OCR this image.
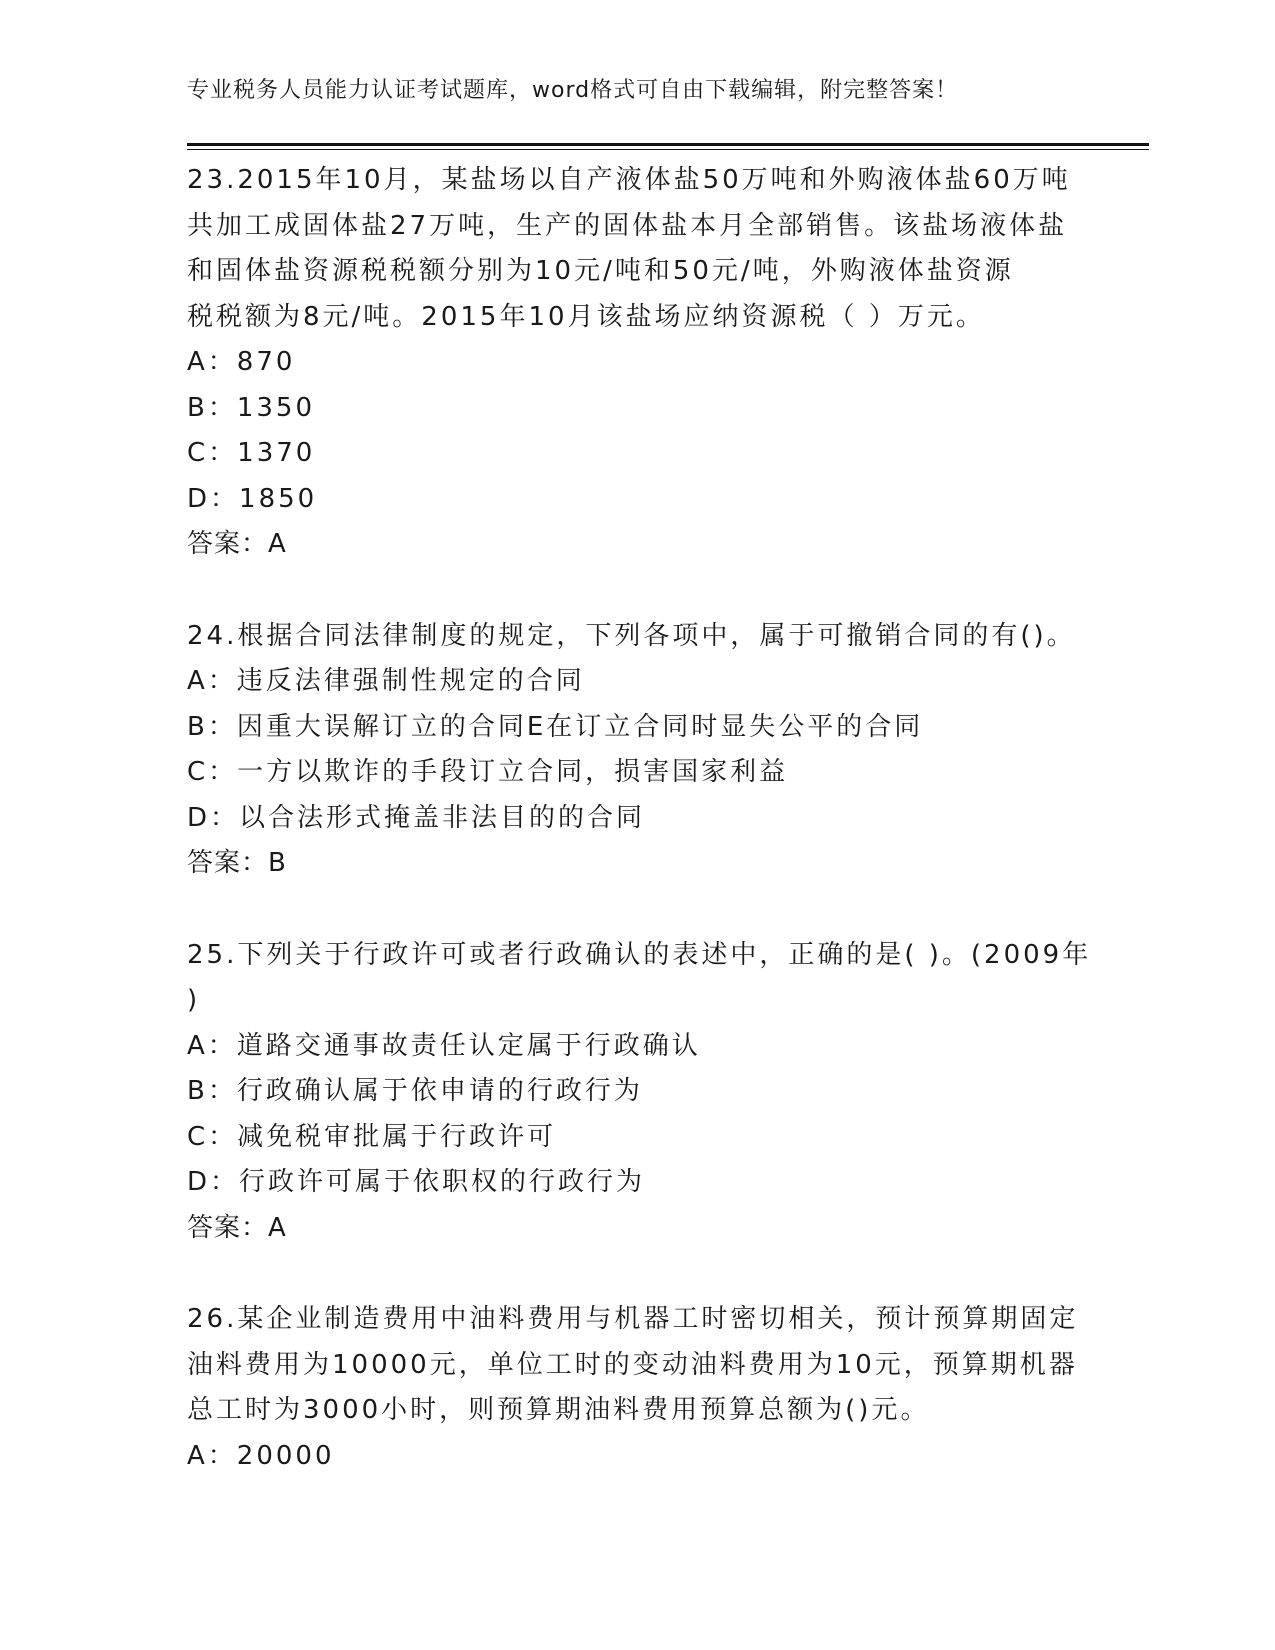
专业税务人员能力认证考试题库，word格式可自由下载编辑，附完整答案！

23.2015年10月，某盐场以自产液体盐50万吨和外购液体盐60万吨

共加工成固体盐27万吨，生产的固体盐本月全部销售。该盐场液体盐

和固体盐资源税税额分别为10元/吨和50元/吨，外购液体盐资源

税税额为8元/吨。2015年10月该盐场应纳资源税（ ）万元。

A：870

B：1350

C：1370

D：1850

答案：A

24.根据合同法律制度的规定，下列各项中，属于可撤销合同的有()。

A：违反法律强制性规定的合同

B：因重大误解订立的合同E在订立合同时显失公平的合同

C：一方以欺诈的手段订立合同，损害国家利益

D：以合法形式掩盖非法目的的合同

答案：B

25.下列关于行政许可或者行政确认的表述中，正确的是( )。(2009年

)

A：道路交通事故责任认定属于行政确认

B：行政确认属于依申请的行政行为

C：减免税审批属于行政许可

D：行政许可属于依职权的行政行为

答案：A

26.某企业制造费用中油料费用与机器工时密切相关，预计预算期固定

油料费用为10000元，单位工时的变动油料费用为10元，预算期机器

总工时为3000小时，则预算期油料费用预算总额为()元。

A：20000
